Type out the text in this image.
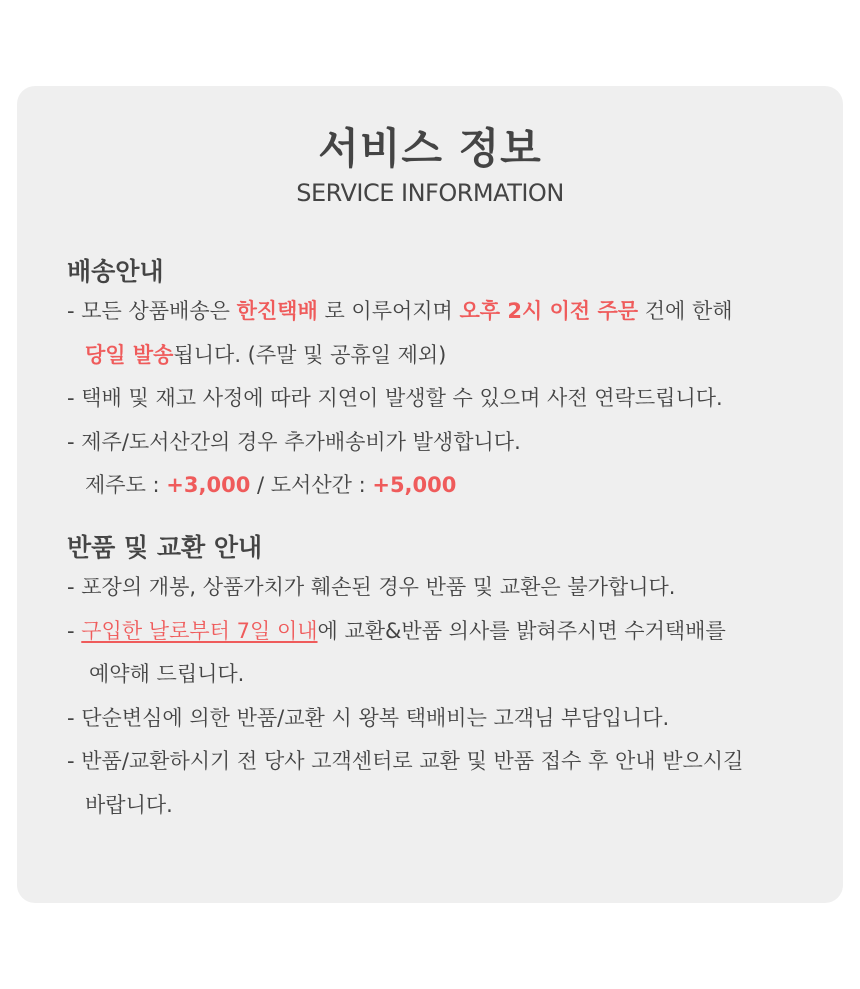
서비스 정보
SERVICE INFORMATION
배송안내
- 모든 상품배송은 한진택배 로 이루어지며 오후 2시 이전 주문 건에 한해
당일 발송됩니다. (주말 및 공휴일 제외)
- 택배 및 재고 사정에 따라 지연이 발생할 수 있으며 사전 연락드립니다.
- 제주/도서산간의 경우 추가배송비가 발생합니다.
제주도 : +3,000 / 도서산간 : +5,000
반품 및 교환 안내
- 포장의 개봉, 상품가치가 훼손된 경우 반품 및 교환은 불가합니다.
- 구입한 날로부터 7일 이내에 교환&반품 의사를 밝혀주시면 수거택배를
예약해 드립니다.
- 단순변심에 의한 반품/교환 시 왕복 택배비는 고객님 부담입니다.
- 반품/교환하시기 전 당사 고객센터로 교환 및 반품 접수 후 안내 받으시길
바랍니다.
